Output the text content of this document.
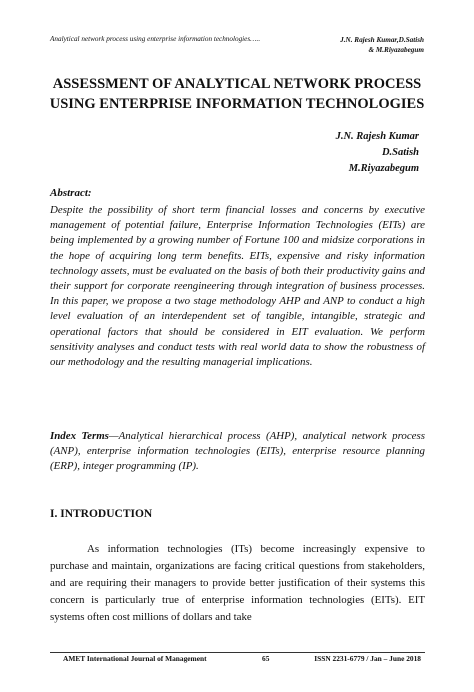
Analytical network process using enterprise information technologies…..	J.N. Rajesh Kumar,D.Satish
& M.Riyazabegum
ASSESSMENT OF ANALYTICAL NETWORK PROCESS
USING ENTERPRISE INFORMATION TECHNOLOGIES
J.N. Rajesh Kumar
D.Satish
M.Riyazabegum
Abstract:
Despite the possibility of short term financial losses and concerns by executive management of potential failure, Enterprise Information Technologies (EITs) are being implemented by a growing number of Fortune 100 and midsize corporations in the hope of acquiring long term benefits. EITs, expensive and risky information technology assets, must be evaluated on the basis of both their productivity gains and their support for corporate reengineering through integration of business processes. In this paper, we propose a two stage methodology AHP and ANP to conduct a high level evaluation of an interdependent set of tangible, intangible, strategic and operational factors that should be considered in EIT evaluation. We perform sensitivity analyses and conduct tests with real world data to show the robustness of our methodology and the resulting managerial implications.
Index Terms—Analytical hierarchical process (AHP), analytical network process (ANP), enterprise information technologies (EITs), enterprise resource planning (ERP), integer programming (IP).
I. INTRODUCTION
As information technologies (ITs) become increasingly expensive to purchase and maintain, organizations are facing critical questions from stakeholders, and are requiring their managers to provide better justification of their systems this concern is particularly true of enterprise information technologies (EITs). EIT systems often cost millions of dollars and take
AMET International Journal of Management	65	ISSN 2231-6779 / Jan – June 2018
